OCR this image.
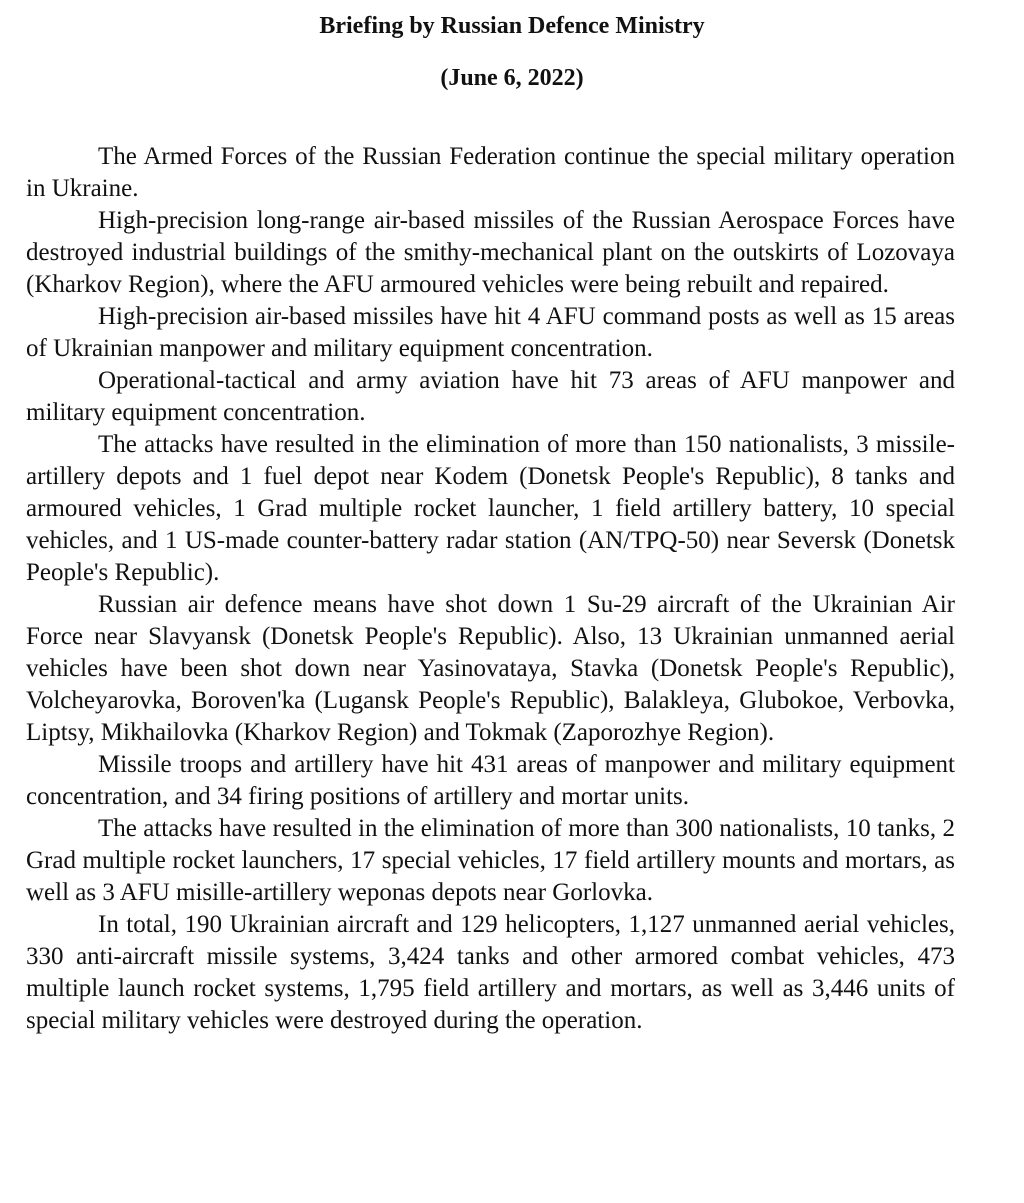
Briefing by Russian Defence Ministry
(June 6, 2022)

The Armed Forces of the Russian Federation continue the special military operation in Ukraine.

High-precision long-range air-based missiles of the Russian Aerospace Forces have destroyed industrial buildings of the smithy-mechanical plant on the outskirts of Lozovaya (Kharkov Region), where the AFU armoured vehicles were being rebuilt and repaired.

High-precision air-based missiles have hit 4 AFU command posts as well as 15 areas of Ukrainian manpower and military equipment concentration.

Operational-tactical and army aviation have hit 73 areas of AFU manpower and military equipment concentration.

The attacks have resulted in the elimination of more than 150 nationalists, 3 missile-artillery depots and 1 fuel depot near Kodem (Donetsk People's Republic), 8 tanks and armoured vehicles, 1 Grad multiple rocket launcher, 1 field artillery battery, 10 special vehicles, and 1 US-made counter-battery radar station (AN/TPQ-50) near Seversk (Donetsk People's Republic).

Russian air defence means have shot down 1 Su-29 aircraft of the Ukrainian Air Force near Slavyansk (Donetsk People's Republic). Also, 13 Ukrainian unmanned aerial vehicles have been shot down near Yasinovataya, Stavka (Donetsk People's Republic), Volcheyarovka, Boroven'ka (Lugansk People's Republic), Balakleya, Glubokoe, Verbovka, Liptsy, Mikhailovka (Kharkov Region) and Tokmak (Zaporozhye Region).

Missile troops and artillery have hit 431 areas of manpower and military equipment concentration, and 34 firing positions of artillery and mortar units.

The attacks have resulted in the elimination of more than 300 nationalists, 10 tanks, 2 Grad multiple rocket launchers, 17 special vehicles, 17 field artillery mounts and mortars, as well as 3 AFU misille-artillery weponas depots near Gorlovka.

In total, 190 Ukrainian aircraft and 129 helicopters, 1,127 unmanned aerial vehicles, 330 anti-aircraft missile systems, 3,424 tanks and other armored combat vehicles, 473 multiple launch rocket systems, 1,795 field artillery and mortars, as well as 3,446 units of special military vehicles were destroyed during the operation.
